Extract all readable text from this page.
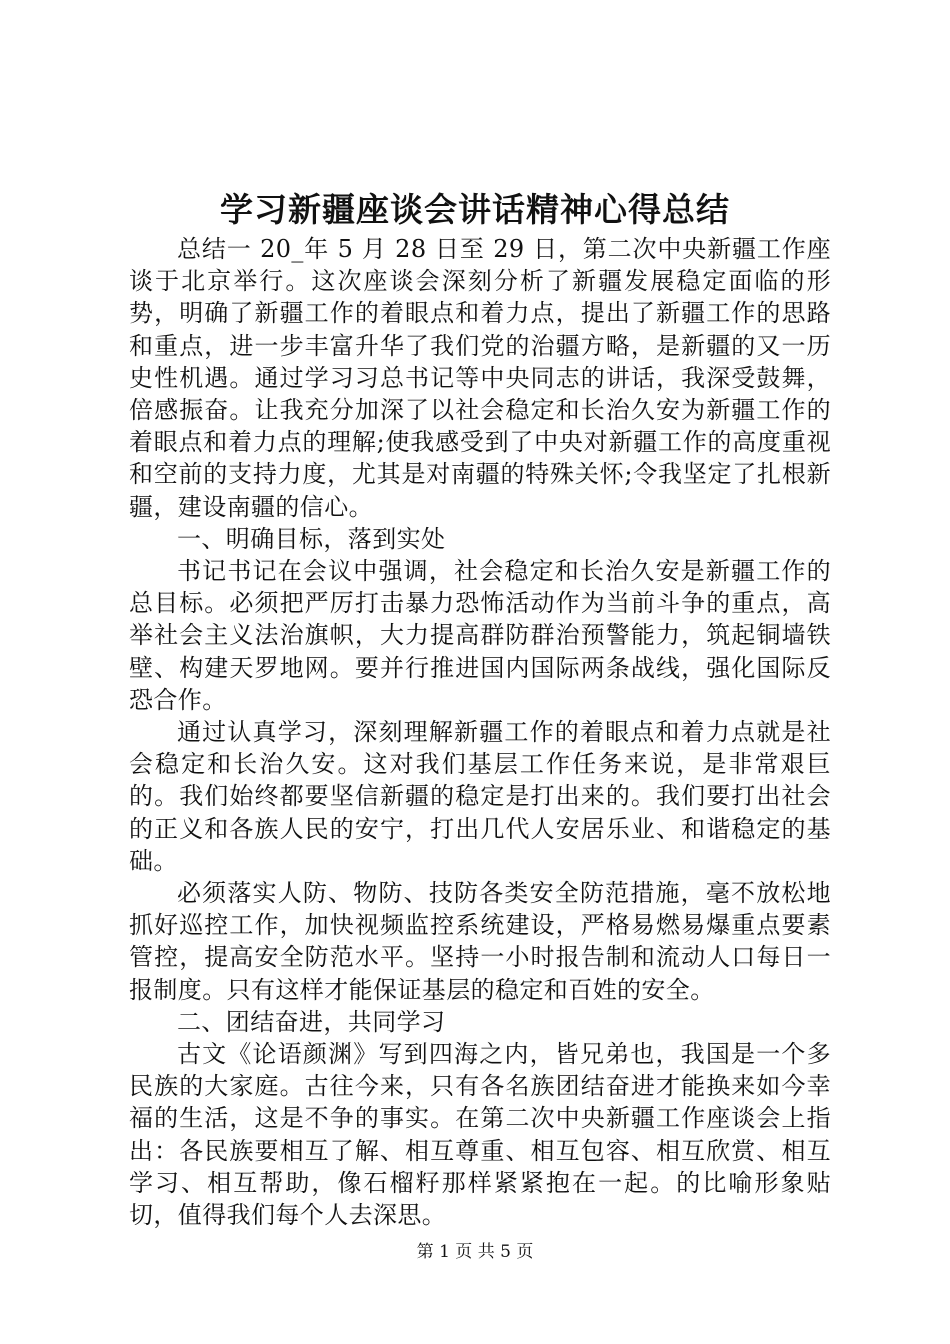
学习新疆座谈会讲话精神心得总结

总结一 20_年 5 月 28 日至 29 日，第二次中央新疆工作座谈于北京举行。这次座谈会深刻分析了新疆发展稳定面临的形势，明确了新疆工作的着眼点和着力点，提出了新疆工作的思路和重点，进一步丰富升华了我们党的治疆方略，是新疆的又一历史性机遇。通过学习习总书记等中央同志的讲话，我深受鼓舞，倍感振奋。让我充分加深了以社会稳定和长治久安为新疆工作的着眼点和着力点的理解;使我感受到了中央对新疆工作的高度重视和空前的支持力度，尤其是对南疆的特殊关怀;令我坚定了扎根新疆，建设南疆的信心。

一、明确目标，落到实处

书记书记在会议中强调，社会稳定和长治久安是新疆工作的总目标。必须把严厉打击暴力恐怖活动作为当前斗争的重点，高举社会主义法治旗帜，大力提高群防群治预警能力，筑起铜墙铁壁、构建天罗地网。要并行推进国内国际两条战线，强化国际反恐合作。

通过认真学习，深刻理解新疆工作的着眼点和着力点就是社会稳定和长治久安。这对我们基层工作任务来说，是非常艰巨的。我们始终都要坚信新疆的稳定是打出来的。我们要打出社会的正义和各族人民的安宁，打出几代人安居乐业、和谐稳定的基础。

必须落实人防、物防、技防各类安全防范措施，毫不放松地抓好巡控工作，加快视频监控系统建设，严格易燃易爆重点要素管控，提高安全防范水平。坚持一小时报告制和流动人口每日一报制度。只有这样才能保证基层的稳定和百姓的安全。

二、团结奋进，共同学习

古文《论语颜渊》写到四海之内，皆兄弟也，我国是一个多民族的大家庭。古往今来，只有各名族团结奋进才能换来如今幸福的生活，这是不争的事实。在第二次中央新疆工作座谈会上指出：各民族要相互了解、相互尊重、相互包容、相互欣赏、相互学习、相互帮助，像石榴籽那样紧紧抱在一起。的比喻形象贴切，值得我们每个人去深思。

第 1 页 共 5 页
